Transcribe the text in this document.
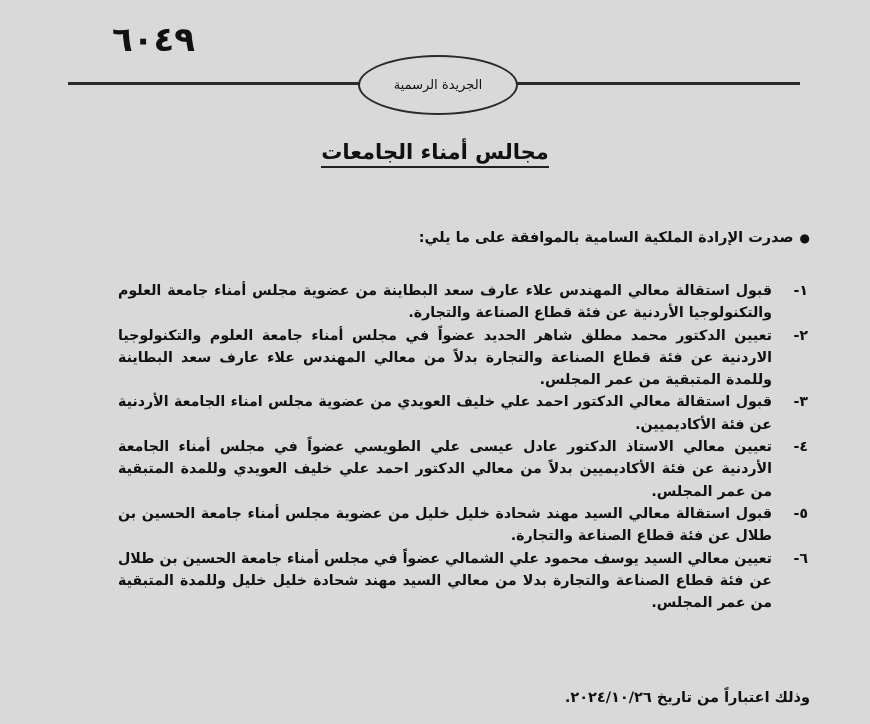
٦٠٤٩
الجريدة الرسمية
مجالس أمناء الجامعات
●صدرت الإرادة الملكية السامية بالموافقة على ما يلي:
١-
قبول استقالة معالي المهندس علاء عارف سعد البطاينة من عضوية مجلس أمناء جامعة العلوم والتكنولوجيا الأردنية عن فئة قطاع الصناعة والتجارة.
٢-
تعيين الدكتور محمد مطلق شاهر الحديد عضواً في مجلس أمناء جامعة العلوم والتكنولوجيا الاردنية عن فئة قطاع الصناعة والتجارة بدلاً من معالي المهندس علاء عارف سعد البطاينة وللمدة المتبقية من عمر المجلس.
٣-
قبول استقالة معالي الدكتور احمد علي خليف العويدي من عضوية مجلس امناء الجامعة الأردنية عن فئة الأكاديميين.
٤-
تعيين معالي الاستاذ الدكتور عادل عيسى علي الطويسي عضواً في مجلس أمناء الجامعة الأردنية عن فئة الأكاديميين بدلاً من معالي الدكتور احمد علي خليف العويدي وللمدة المتبقية من عمر المجلس.
٥-
قبول استقالة معالي السيد مهند شحادة خليل خليل من عضوية مجلس أمناء جامعة الحسين بن طلال عن فئة قطاع الصناعة والتجارة.
٦-
تعيين معالي السيد يوسف محمود علي الشمالي عضواً في مجلس أمناء جامعة الحسين بن طلال عن فئة قطاع الصناعة والتجارة بدلا من معالي السيد مهند شحادة خليل خليل وللمدة المتبقية من عمر المجلس.
وذلك اعتباراً من تاريخ ٢٠٢٤/١٠/٢٦.
